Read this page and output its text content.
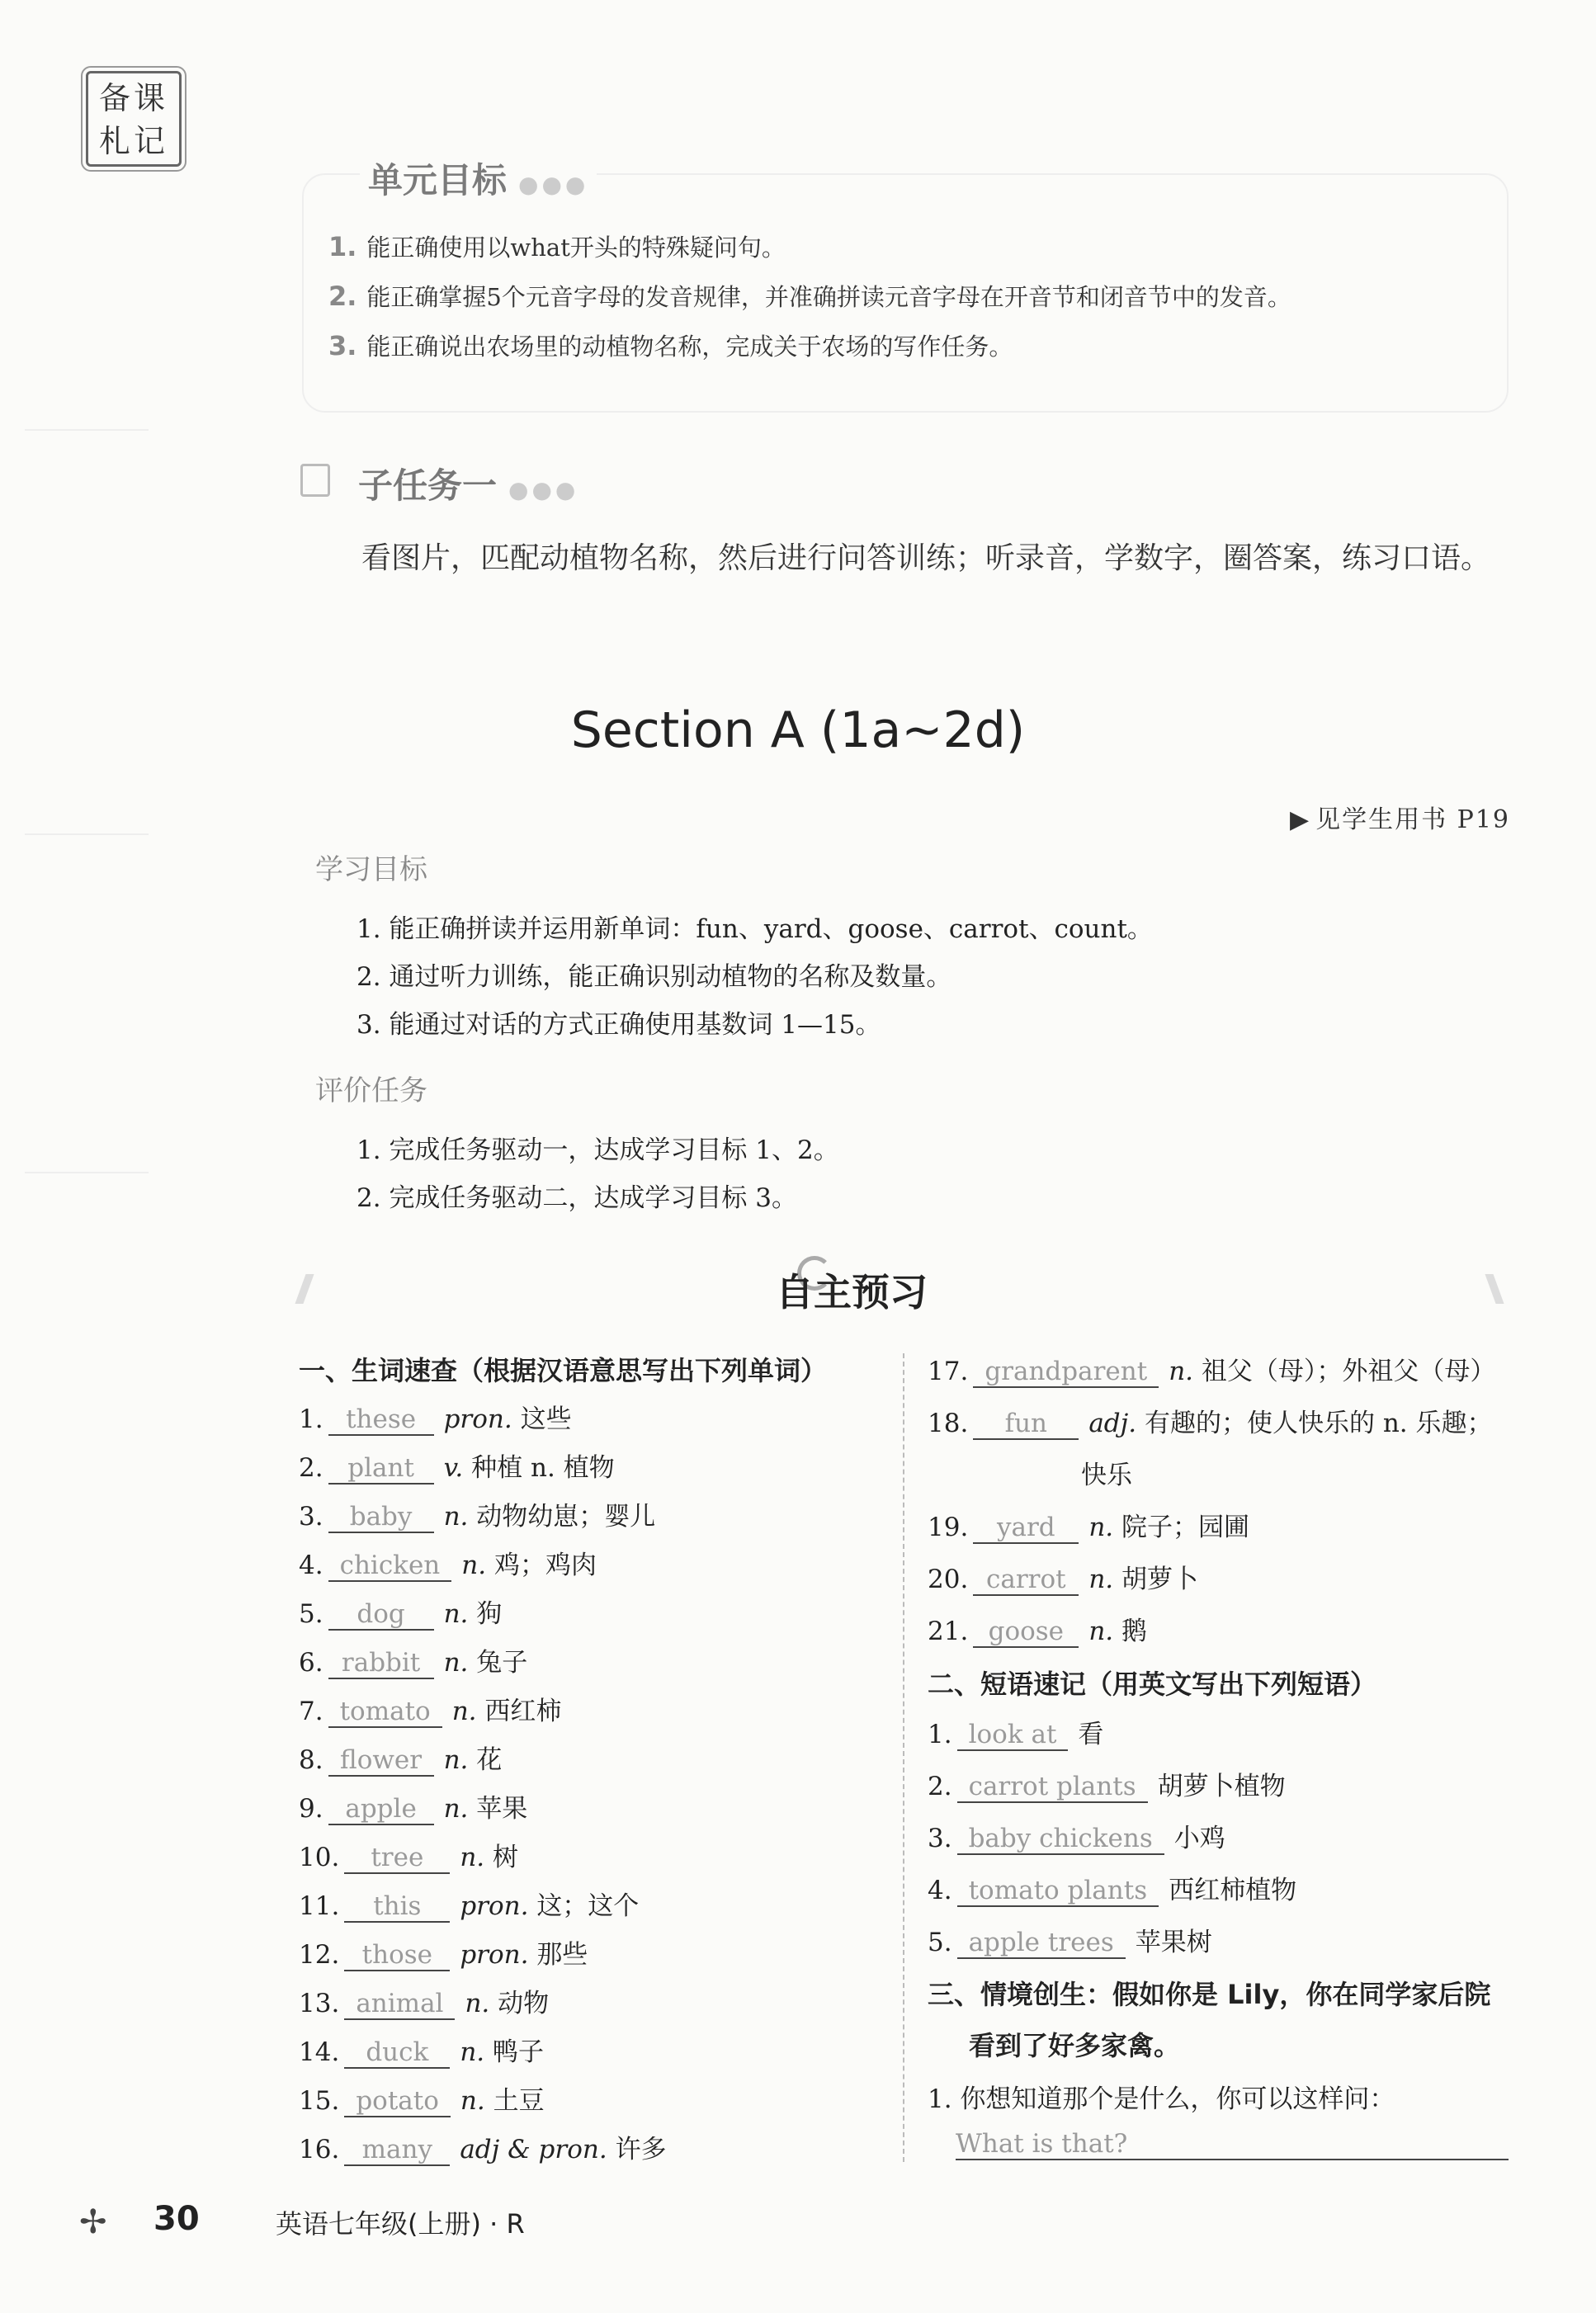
备课
札记
单元目标 ●●●
1. 能正确使用以what开头的特殊疑问句。
2. 能正确掌握5个元音字母的发音规律，并准确拼读元音字母在开音节和闭音节中的发音。
3. 能正确说出农场里的动植物名称，完成关于农场的写作任务。
子任务一 ●●●
看图片，匹配动植物名称，然后进行问答训练；听录音，学数字，圈答案，练习口语。
Section A (1a~2d)
▶ 见学生用书 P19
学习目标
1. 能正确拼读并运用新单词：fun、yard、goose、carrot、count。
2. 通过听力训练，能正确识别动植物的名称及数量。
3. 能通过对话的方式正确使用基数词 1—15。
评价任务
1. 完成任务驱动一，达成学习目标 1、2。
2. 完成任务驱动二，达成学习目标 3。
自主预习
一、生词速查（根据汉语意思写出下列单词）
1. these pron. 这些
2. plant v. 种植 n. 植物
3. baby n. 动物幼崽；婴儿
4. chicken n. 鸡；鸡肉
5. dog n. 狗
6. rabbit n. 兔子
7. tomato n. 西红柿
8. flower n. 花
9. apple n. 苹果
10. tree n. 树
11. this pron. 这；这个
12. those pron. 那些
13. animal n. 动物
14. duck n. 鸭子
15. potato n. 土豆
16. many adj & pron. 许多
17. grandparent n. 祖父（母）；外祖父（母）
18. fun adj. 有趣的；使人快乐的 n. 乐趣；
快乐
19. yard n. 院子；园圃
20. carrot n. 胡萝卜
21. goose n. 鹅
二、短语速记（用英文写出下列短语）
1. look at 看
2. carrot plants 胡萝卜植物
3. baby chickens 小鸡
4. tomato plants 西红柿植物
5. apple trees 苹果树
三、情境创生：假如你是 Lily，你在同学家后院
看到了好多家禽。
1. 你想知道那个是什么，你可以这样问：
What is that?
✢ 30	英语七年级(上册) · R
